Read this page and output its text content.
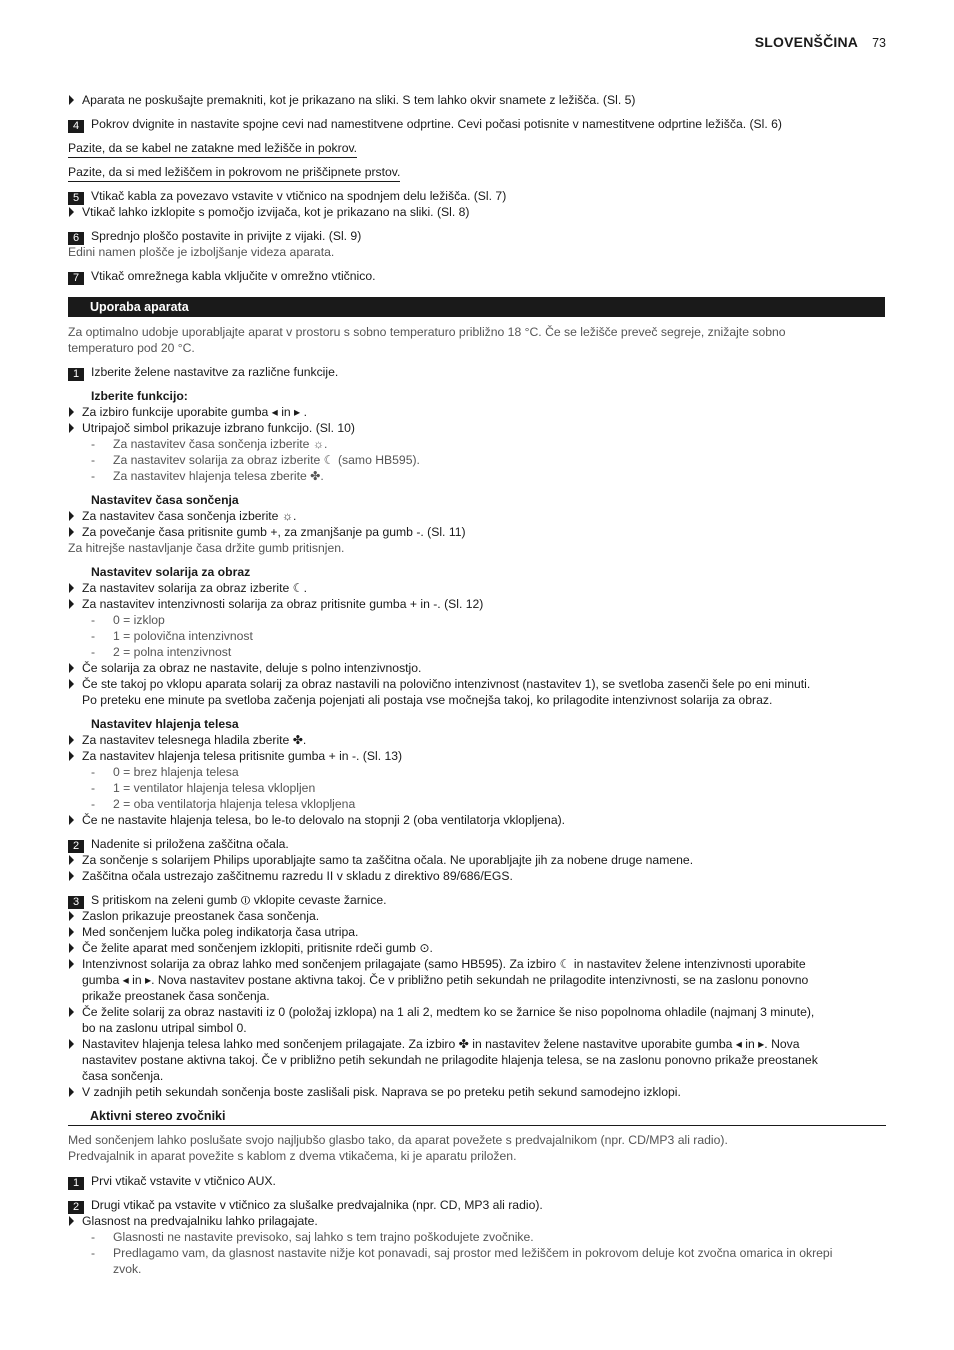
SLOVENŠČINA 73
Aparata ne poskušajte premakniti, kot je prikazano na sliki. S tem lahko okvir snamete z ležišča. (Sl. 5)
4 Pokrov dvignite in nastavite spojne cevi nad namestitvene odprtine. Cevi počasi potisnite v namestitvene odprtine ležišča. (Sl. 6)
Pazite, da se kabel ne zatakne med ležišče in pokrov.
Pazite, da si med ležiščem in pokrovom ne priščipnete prstov.
5 Vtikač kabla za povezavo vstavite v vtičnico na spodnjem delu ležišča. (Sl. 7)
Vtikač lahko izklopite s pomočjo izvijača, kot je prikazano na sliki. (Sl. 8)
6 Sprednjo ploščo postavite in privijte z vijaki. (Sl. 9)
Edini namen plošče je izboljšanje videza aparata.
7 Vtikač omrežnega kabla vključite v omrežno vtičnico.
Uporaba aparata
Za optimalno udobje uporabljajte aparat v prostoru s sobno temperaturo približno 18 °C. Če se ležišče preveč segreje, znižajte sobno
temperaturo pod 20 °C.
1 Izberite želene nastavitve za različne funkcije.
Izberite funkcijo:
Za izbiro funkcije uporabite gumba ◂ in ▸ .
Utripajoč simbol prikazuje izbrano funkcijo. (Sl. 10)
- Za nastavitev časa sončenja izberite ☼.
- Za nastavitev solarija za obraz izberite ☾ (samo HB595).
- Za nastavitev hlajenja telesa zberite ✤.
Nastavitev časa sončenja
Za nastavitev časa sončenja izberite ☼.
Za povečanje časa pritisnite gumb +, za zmanjšanje pa gumb -. (Sl. 11)
Za hitrejše nastavljanje časa držite gumb pritisnjen.
Nastavitev solarija za obraz
Za nastavitev solarija za obraz izberite ☾.
Za nastavitev intenzivnosti solarija za obraz pritisnite gumba + in -. (Sl. 12)
- 0 = izklop
- 1 = polovična intenzivnost
- 2 = polna intenzivnost
Če solarija za obraz ne nastavite, deluje s polno intenzivnostjo.
Če ste takoj po vklopu aparata solarij za obraz nastavili na polovično intenzivnost (nastavitev 1), se svetloba zasenči šele po eni minuti.
Po preteku ene minute pa svetloba začenja pojenjati ali postaja vse močnejša takoj, ko prilagodite intenzivnost solarija za obraz.
Nastavitev hlajenja telesa
Za nastavitev telesnega hladila zberite ✤.
Za nastavitev hlajenja telesa pritisnite gumba + in -. (Sl. 13)
- 0 = brez hlajenja telesa
- 1 = ventilator hlajenja telesa vklopljen
- 2 = oba ventilatorja hlajenja telesa vklopljena
Če ne nastavite hlajenja telesa, bo le-to delovalo na stopnji 2 (oba ventilatorja vklopljena).
2 Nadenite si priložena zaščitna očala.
Za sončenje s solarijem Philips uporabljajte samo ta zaščitna očala. Ne uporabljajte jih za nobene druge namene.
Zaščitna očala ustrezajo zaščitnemu razredu II v skladu z direktivo 89/686/EGS.
3 S pritiskom na zeleni gumb ⏼ vklopite cevaste žarnice.
Zaslon prikazuje preostanek časa sončenja.
Med sončenjem lučka poleg indikatorja časa utripa.
Če želite aparat med sončenjem izklopiti, pritisnite rdeči gumb ⊙.
Intenzivnost solarija za obraz lahko med sončenjem prilagajate (samo HB595). Za izbiro ☾ in nastavitev želene intenzivnosti uporabite
gumba ◂ in ▸. Nova nastavitev postane aktivna takoj. Če v približno petih sekundah ne prilagodite intenzivnosti, se na zaslonu ponovno
prikaže preostanek časa sončenja.
Če želite solarij za obraz nastaviti iz 0 (položaj izklopa) na 1 ali 2, medtem ko se žarnice še niso popolnoma ohladile (najmanj 3 minute),
bo na zaslonu utripal simbol 0.
Nastavitev hlajenja telesa lahko med sončenjem prilagajate. Za izbiro ✤ in nastavitev želene nastavitve uporabite gumba ◂ in ▸. Nova
nastavitev postane aktivna takoj. Če v približno petih sekundah ne prilagodite hlajenja telesa, se na zaslonu ponovno prikaže preostanek
časa sončenja.
V zadnjih petih sekundah sončenja boste zaslišali pisk. Naprava se po preteku petih sekund samodejno izklopi.
Aktivni stereo zvočniki
Med sončenjem lahko poslušate svojo najljubšo glasbo tako, da aparat povežete s predvajalnikom (npr. CD/MP3 ali radio).
Predvajalnik in aparat povežite s kablom z dvema vtikačema, ki je aparatu priložen.
1 Prvi vtikač vstavite v vtičnico AUX.
2 Drugi vtikač pa vstavite v vtičnico za slušalke predvajalnika (npr. CD, MP3 ali radio).
Glasnost na predvajalniku lahko prilagajate.
- Glasnosti ne nastavite previsoko, saj lahko s tem trajno poškodujete zvočnike.
- Predlagamo vam, da glasnost nastavite nižje kot ponavadi, saj prostor med ležiščem in pokrovom deluje kot zvočna omarica in okrepi
zvok.
